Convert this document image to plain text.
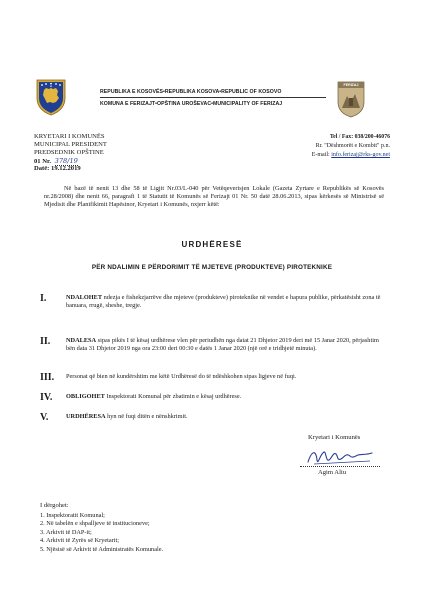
REPUBLIKA E KOSOVËS•REPUBLIKA KOSOVA•REPUBLIC OF KOSOVO
KOMUNA E FERIZAJT•OPŠTINA UROŠEVAC•MUNICIPALITY OF FERIZAJ
FERIZAJ
KRYETARI I KOMUNËS
MUNICIPAL PRESIDENT
PREDSEDNIK OPŠTINE
01 Nr. 378/19
Datë: 19.12.2019
Tel / Fax: 038/200-46076
Rr. "Dëshmorët e Kombit" p.n.
E-mail: info.ferizaj@rks-gov.net
Në bazë të nenit 13 dhe 58 të Ligjit Nr.03/L-040 për Vetëqeverisjen Lokale (Gazeta Zyrtare e Republikës së Kosovës nr.28/2008) dhe nenit 66, paragrafi 1 të Statutit të Komunës së Ferizajt 01 Nr. 50 datë 28.06.2013, sipas kërkesës së Ministrisë së Mjedisit dhe Planifikimit Hapësinor, Kryetari i Komunës, nxjerr këtë:
URDHËRESË
PËR NDALIMIN E PËRDORIMIT TË MJETEVE (PRODUKTEVE) PIROTEKNIKE
I.	NDALOHET ndezja e fishekzjarrëve dhe mjeteve (produkteve) piroteknike në vendet e hapura publike, përkatësisht zona të banuara, rrugë, sheshe, tregje.
II. NDALESA sipas pikës I të kësaj urdhërese vlen për periudhën nga datat 21 Dhjetor 2019 deri më 15 Janar 2020, përjashtim bën data 31 Dhjetor 2019 nga ora 23:00 deri 00:30 e datës 1 Janar 2020 (një orë e tridhjetë minuta).
III. Personat që bien në kundërshtim me këtë Urdhëresë do të ndëshkohen sipas ligjeve në fuqi.
IV. OBLIGOHET Inspektorati Komunal për zbatimin e kësaj urdhërese.
V.	URDHËRESA hyn në fuqi ditën e nënshkrimit.
Kryetari i Komunës
Agim Aliu
I dërgohet:
1. Inspektoratit Komunal;
2. Në tabelën e shpalljeve të institucioneve;
3. Arkivit të DAP-it;
4. Arkivit të Zyrës së Kryetarit;
5. Njësisë së Arkivit të Administratës Komunale.
